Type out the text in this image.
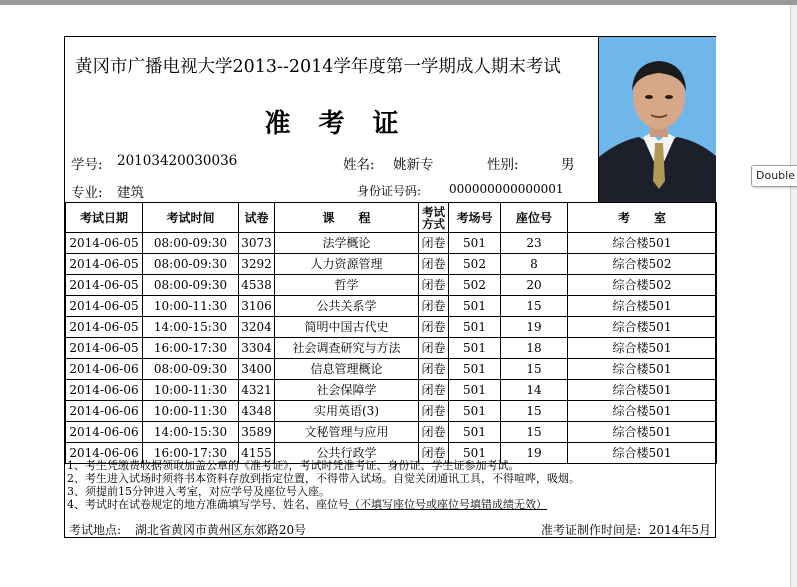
黄冈市广播电视大学2013--2014学年度第一学期成人期末考试
准考证
学号: 20103420030036	姓名: 姚新专	性别:	男
专业: 建筑	身份证号码: 000000000000001
考试日期	考试时间	试卷	课　　程	考试方式	考场号	座位号	考　　室
2014-06-05	08:00-09:30	3073	法学概论	闭卷	501	23	综合楼501
2014-06-05	08:00-09:30	3292	人力资源管理	闭卷	502	8	综合楼502
2014-06-05	08:00-09:30	4538	哲学	闭卷	502	20	综合楼502
2014-06-05	10:00-11:30	3106	公共关系学	闭卷	501	15	综合楼501
2014-06-05	14:00-15:30	3204	简明中国古代史	闭卷	501	19	综合楼501
2014-06-05	16:00-17:30	3304	社会调查研究与方法	闭卷	501	18	综合楼501
2014-06-06	08:00-09:30	3400	信息管理概论	闭卷	501	15	综合楼501
2014-06-06	10:00-11:30	4321	社会保障学	闭卷	501	14	综合楼501
2014-06-06	10:00-11:30	4348	实用英语(3)	闭卷	501	15	综合楼501
2014-06-06	14:00-15:30	3589	文秘管理与应用	闭卷	501	15	综合楼501
2014-06-06	16:00-17:30	4155	公共行政学	闭卷	501	19	综合楼501
1、考生凭缴费收据领取加盖公章的《准考证》，考试时凭准考证、身份证、学生证参加考试。
2、考生进入试场时须将书本资料存放到指定位置，不得带入试场。自觉关闭通讯工具，不得喧哗，吸烟。
3、须提前15分钟进入考室，对应学号及座位号入座。
4、考试时在试卷规定的地方准确填写学号、姓名、座位号（不填写座位号或座位号填错成绩无效）
考试地点: 湖北省黄冈市黄州区东郊路20号	准考证制作时间是: 2014年5月
Double
